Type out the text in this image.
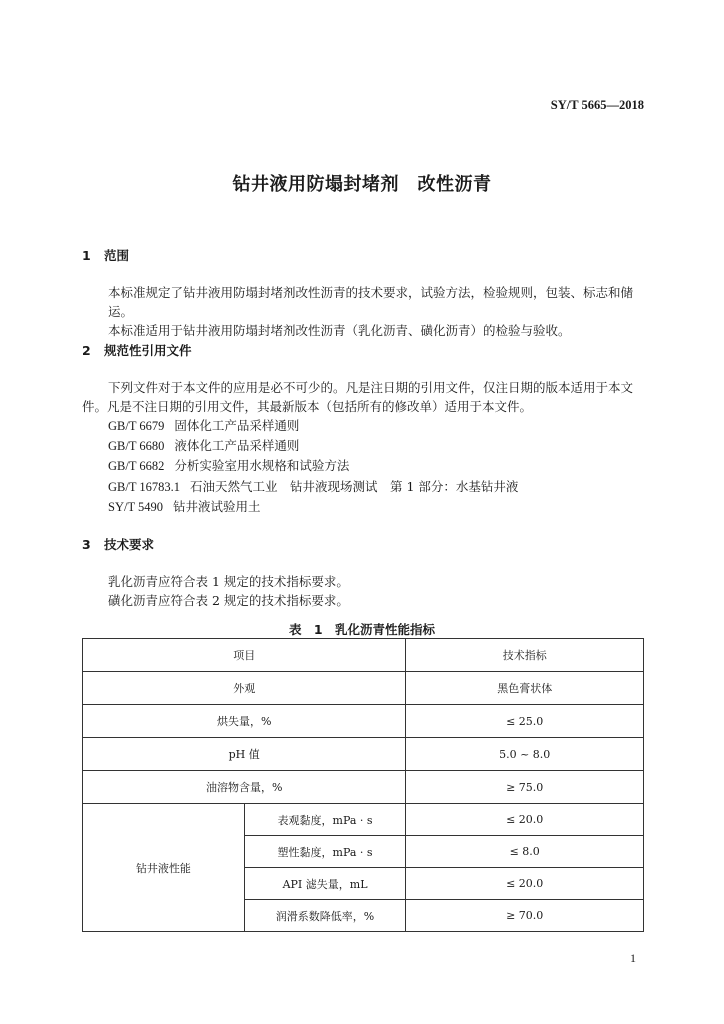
SY/T 5665—2018
钻井液用防塌封堵剂　改性沥青
1 范围
本标准规定了钻井液用防塌封堵剂改性沥青的技术要求，试验方法，检验规则，包装、标志和储运。
本标准适用于钻井液用防塌封堵剂改性沥青（乳化沥青、磺化沥青）的检验与验收。
2 规范性引用文件
下列文件对于本文件的应用是必不可少的。凡是注日期的引用文件，仅注日期的版本适用于本文件。凡是不注日期的引用文件，其最新版本（包括所有的修改单）适用于本文件。
GB/T 6679 固体化工产品采样通则
GB/T 6680 液体化工产品采样通则
GB/T 6682 分析实验室用水规格和试验方法
GB/T 16783.1 石油天然气工业　钻井液现场测试　第 1 部分：水基钻井液
SY/T 5490 钻井液试验用土
3 技术要求
乳化沥青应符合表 1 规定的技术指标要求。
磺化沥青应符合表 2 规定的技术指标要求。
表 1　乳化沥青性能指标
项目		技术指标
外观		黑色膏状体
烘失量，%		≤ 25.0
pH 值		5.0 ~ 8.0
油溶物含量，%		≥ 75.0
钻井液性能	表观黏度，mPa · s	≤ 20.0
	塑性黏度，mPa · s	≤ 8.0
	API 滤失量，mL	≤ 20.0
	润滑系数降低率，%	≥ 70.0
1
